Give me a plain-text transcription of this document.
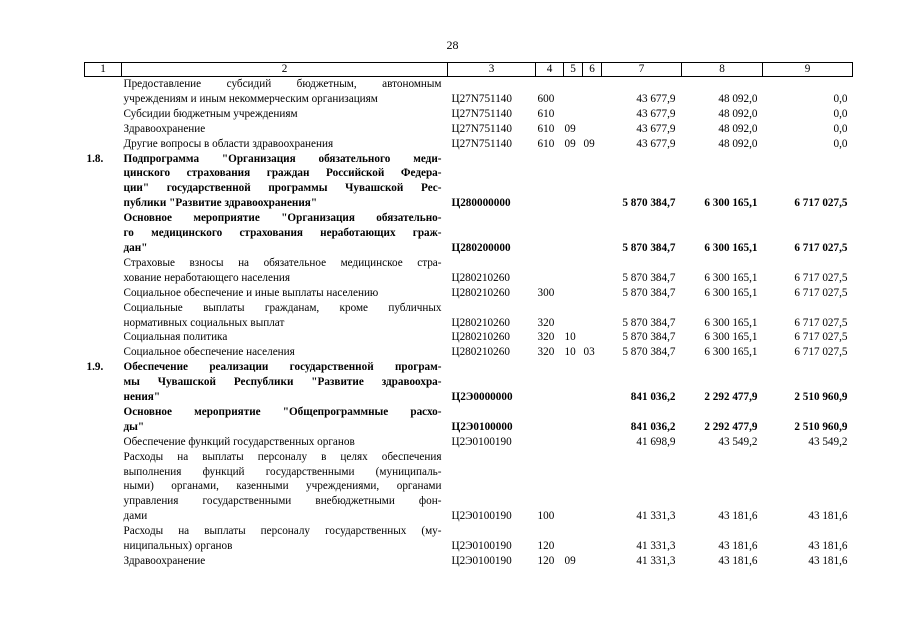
28
1	2	3	4	5	6	7	8	9

	Предоставление субсидий бюджетным, автономным
учреждениям и иным некоммерческим организациям	Ц27N751140	600			43 677,9	48 092,0	0,0

	Субсидии бюджетным учреждениям	Ц27N751140	610			43 677,9	48 092,0	0,0

	Здравоохранение	Ц27N751140	610	09		43 677,9	48 092,0	0,0

	Другие вопросы в области здравоохранения	Ц27N751140	610	09	09	43 677,9	48 092,0	0,0
1.8.	Подпрограмма "Организация обязательного меди-
цинского страхования граждан Российской Федера-
ции" государственной программы Чувашской Рес-
публики "Развитие здравоохранения"	Ц280000000				5 870 384,7	6 300 165,1	6 717 027,5

	Основное мероприятие "Организация обязательно-
го медицинского страхования неработающих граж-
дан"	Ц280200000				5 870 384,7	6 300 165,1	6 717 027,5

	Страховые взносы на обязательное медицинское стра-
хование неработающего населения	Ц280210260				5 870 384,7	6 300 165,1	6 717 027,5

	Социальное обеспечение и иные выплаты населению	Ц280210260	300			5 870 384,7	6 300 165,1	6 717 027,5

	Социальные выплаты гражданам, кроме публичных
нормативных социальных выплат	Ц280210260	320			5 870 384,7	6 300 165,1	6 717 027,5

	Социальная политика	Ц280210260	320	10		5 870 384,7	6 300 165,1	6 717 027,5

	Социальное обеспечение населения	Ц280210260	320	10	03	5 870 384,7	6 300 165,1	6 717 027,5
1.9.	Обеспечение реализации государственной програм-
мы Чувашской Республики "Развитие здравоохра-
нения"	Ц2Э0000000				841 036,2	2 292 477,9	2 510 960,9

	Основное мероприятие "Общепрограммные расхо-
ды"	Ц2Э0100000				841 036,2	2 292 477,9	2 510 960,9

	Обеспечение функций государственных органов	Ц2Э0100190				41 698,9	43 549,2	43 549,2

	Расходы на выплаты персоналу в целях обеспечения
выполнения функций государственными (муниципаль-
ными) органами, казенными учреждениями, органами
управления государственными внебюджетными фон-
дами	Ц2Э0100190	100			41 331,3	43 181,6	43 181,6

	Расходы на выплаты персоналу государственных (му-
ниципальных) органов	Ц2Э0100190	120			41 331,3	43 181,6	43 181,6

	Здравоохранение	Ц2Э0100190	120	09		41 331,3	43 181,6	43 181,6
